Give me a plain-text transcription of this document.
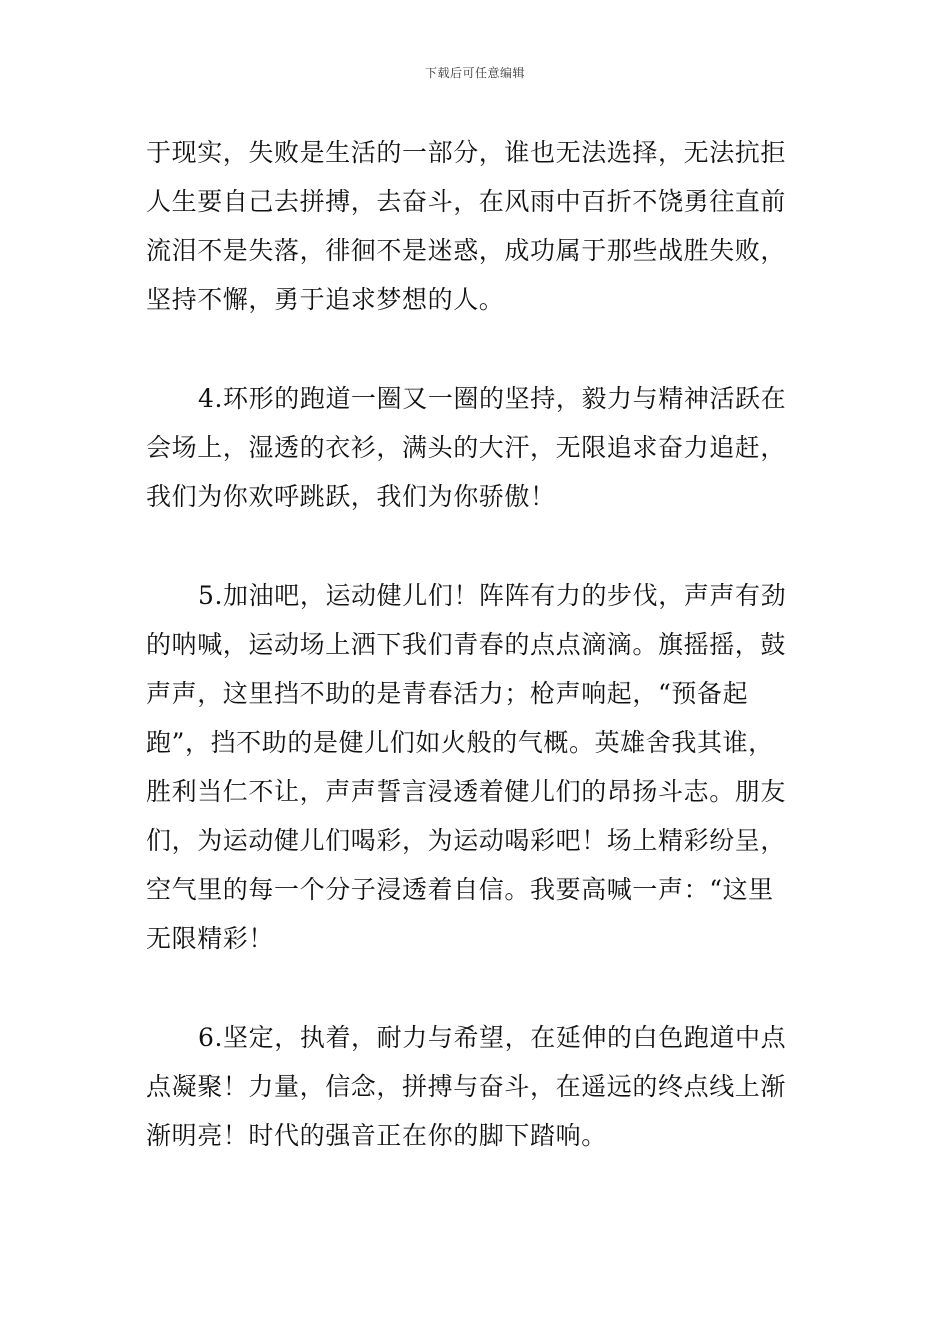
下载后可任意编辑
于现实，失败是生活的一部分，谁也无法选择，无法抗拒
人生要自己去拼搏，去奋斗，在风雨中百折不饶勇往直前
流泪不是失落，徘徊不是迷惑，成功属于那些战胜失败，
坚持不懈，勇于追求梦想的人。
4.环形的跑道一圈又一圈的坚持，毅力与精神活跃在
会场上，湿透的衣衫，满头的大汗，无限追求奋力追赶，
我们为你欢呼跳跃，我们为你骄傲！
5.加油吧，运动健儿们！阵阵有力的步伐，声声有劲
的呐喊，运动场上洒下我们青春的点点滴滴。旗摇摇，鼓
声声，这里挡不助的是青春活力；枪声响起，“预备起
跑”，挡不助的是健儿们如火般的气概。英雄舍我其谁，
胜利当仁不让，声声誓言浸透着健儿们的昂扬斗志。朋友
们，为运动健儿们喝彩，为运动喝彩吧！场上精彩纷呈，
空气里的每一个分子浸透着自信。我要高喊一声：“这里
无限精彩！
6.坚定，执着，耐力与希望，在延伸的白色跑道中点
点凝聚！力量，信念，拼搏与奋斗，在遥远的终点线上渐
渐明亮！时代的强音正在你的脚下踏响。
